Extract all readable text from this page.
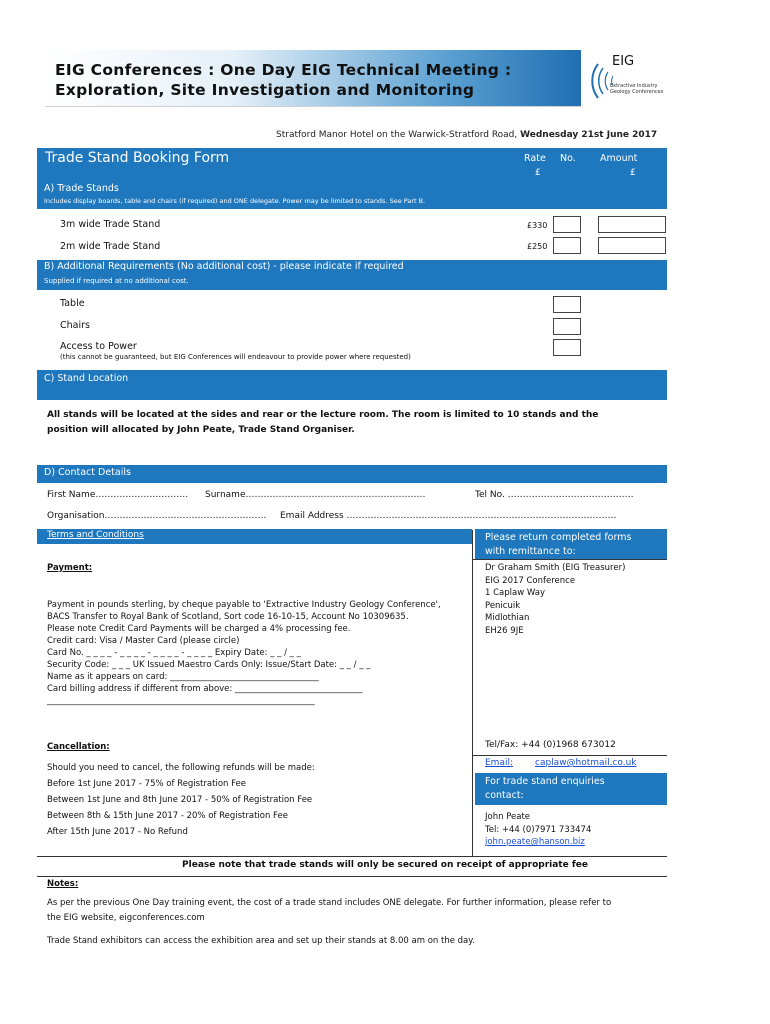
EIG Conferences : One Day EIG Technical Meeting :
Exploration, Site Investigation and Monitoring
EIG
Extractive Industry
Geology Conferences
Stratford Manor Hotel on the Warwick-Stratford Road, Wednesday 21st June 2017
Trade Stand Booking Form	Rate No.	Amount
£	£
A) Trade Stands
Includes display boards, table and chairs (if required) and ONE delegate. Power may be limited to stands. See Part B.
3m wide Trade Stand	£330
2m wide Trade Stand	£250
B) Additional Requirements (No additional cost) - please indicate if required
Supplied if required at no additional cost.
Table
Chairs
Access to Power
(this cannot be guaranteed, but EIG Conferences will endeavour to provide power where requested)
C) Stand Location
All stands will be located at the sides and rear or the lecture room. The room is limited to 10 stands and the
position will allocated by John Peate, Trade Stand Organiser.
D) Contact Details
First Name………………….……… Surname……………………………………………………	Tel No. ……………………………………
Organisation……………………………………………… Email Address ………………………………………………………………………………
Terms and Conditions	Please return completed forms
with remittance to:
Payment:
Payment in pounds sterling, by cheque payable to 'Extractive Industry Geology Conference',
BACS Transfer to Royal Bank of Scotland, Sort code 16-10-15, Account No 10309635.
Please note Credit Card Payments will be charged a 4% processing fee.
Credit card: Visa / Master Card (please circle)
Card No. _ _ _ _ - _ _ _ _ - _ _ _ _ - _ _ _ _ Expiry Date: _ _ / _ _
Security Code: _ _ _ UK Issued Maestro Cards Only: Issue/Start Date: _ _ / _ _
Name as it appears on card: ___________________________________
Card billing address if different from above: ______________________________
_______________________________________________________________
Dr Graham Smith (EIG Treasurer)
EIG 2017 Conference
1 Caplaw Way
Penicuik
Midlothian
EH26 9JE
Cancellation:
Should you need to cancel, the following refunds will be made:
Before 1st June 2017 - 75% of Registration Fee
Between 1st June and 8th June 2017 - 50% of Registration Fee
Between 8th & 15th June 2017 - 20% of Registration Fee
After 15th June 2017 - No Refund
Tel/Fax: +44 (0)1968 673012
Email: caplaw@hotmail.co.uk
For trade stand enquiries
contact:
John Peate
Tel: +44 (0)7971 733474
john.peate@hanson.biz
Please note that trade stands will only be secured on receipt of appropriate fee
Notes:
As per the previous One Day training event, the cost of a trade stand includes ONE delegate. For further information, please refer to
the EIG website, eigconferences.com
Trade Stand exhibitors can access the exhibition area and set up their stands at 8.00 am on the day.
